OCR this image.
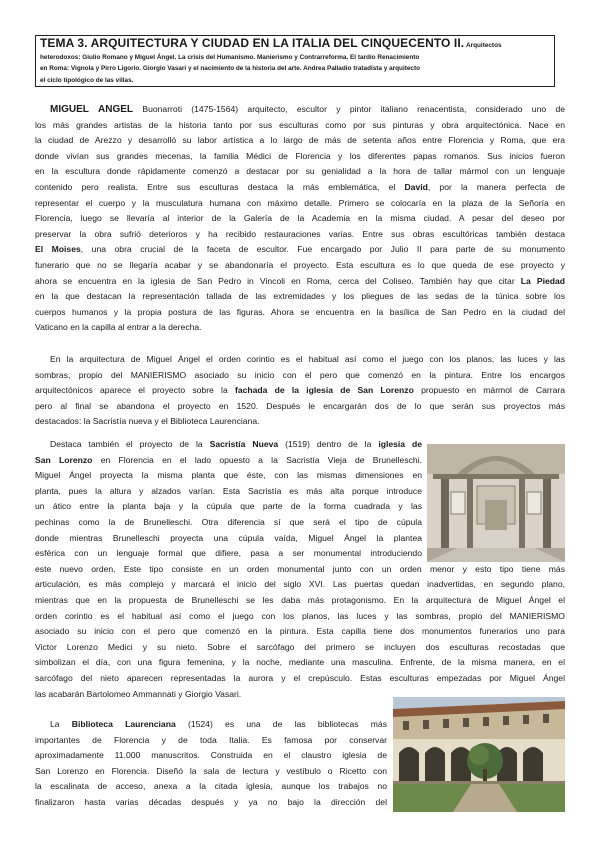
TEMA 3. ARQUITECTURA Y CIUDAD EN LA ITALIA DEL CINQUECENTO II. Arquitectos
heterodoxos: Giulio Romano y Miguel Ángel. La crisis del Humanismo. Manierismo y Contrarreforma. El tardío Renacimiento
en Roma: Vignola y Pirro Ligorio. Giorgio Vasari y el nacimiento de la historia del arte. Andrea Palladio tratadista y arquitecto
el ciclo tipológico de las villas.
MIGUEL ANGEL Buonarroti (1475-1564) arquitecto, escultor y pintor italiano renacentista, considerado uno de
los más grandes artistas de la historia tanto por sus esculturas como por sus pinturas y obra arquitectónica. Nace en
la ciudad de Arezzo y desarrolló su labor artística a lo largo de más de setenta años entre Florencia y Roma, que era
donde vivían sus grandes mecenas, la familia Médici de Florencia y los diferentes papas romanos. Sus inicios fueron
en la escultura donde rápidamente comenzó a destacar por su genialidad a la hora de tallar mármol con un lenguaje
contenido pero realista. Entre sus esculturas destaca la más emblemática, el David, por la manera perfecta de
representar el cuerpo y la musculatura humana con máximo detalle. Primero se colocaría en la plaza de la Señoría en
Florencia, luego se llevaría al interior de la Galería de la Academia en la misma ciudad. A pesar del deseo por
preservar la obra sufrió deterioros y ha recibido restauraciones varias. Entre sus obras escultóricas también destaca
El Moises, una obra crucial de la faceta de escultor. Fue encargado por Julio II para parte de su monumento
funerario que no se llegaría acabar y se abandonaría el proyecto. Esta escultura es lo que queda de ese proyecto y
ahora se encuentra en la iglesia de San Pedro in Vincoli en Roma, cerca del Coliseo. También hay que citar La Piedad
en la que destacan la representación tallada de las extremidades y los pliegues de las sedas de la túnica sobre los
cuerpos humanos y la propia postura de las figuras. Ahora se encuentra en la basílica de San Pedro en la ciudad del
Vaticano en la capilla al entrar a la derecha.
En la arquitectura de Miguel Ángel el orden corintio es el habitual así como el juego con los planos, las luces y las
sombras, propio del MANIERISMO asociado su inicio con el pero que comenzó en la pintura. Entre los encargos
arquitectónicos aparece el proyecto sobre la fachada de la iglesia de San Lorenzo propuesto en mármol de Carrara
pero al final se abandona el proyecto en 1520. Después le encargarán dos de lo que serán sus proyectos más
destacados: la Sacristía nueva y el Biblioteca Laurenciana.
Destaca también el proyecto de la Sacristía Nueva (1519) dentro de la iglesia de
San Lorenzo en Florencia en el lado opuesto a la Sacristía Vieja de Brunelleschi.
Miguel Ángel proyecta la misma planta que éste, con las mismas dimensiones en
planta, pues la altura y alzados varían. Esta Sacristía es más alta porque introduce
un ático entre la planta baja y la cúpula que parte de la forma cuadrada y las
pechinas como la de Brunelleschi. Otra diferencia sí que será el tipo de cúpula
donde mientras Brunelleschi proyecta una cúpula vaída, Miguel Ángel la plantea
esférica con un lenguaje formal que difiere, pasa a ser monumental introduciendo
este nuevo orden. Este tipo consiste en un orden monumental junto con un orden menor y esto tipo tiene más
articulación, es más complejo y marcará el inicio del siglo XVI. Las puertas quedan inadvertidas, en segundo plano,
mientras que en la propuesta de Brunelleschi se les daba más protagonismo. En la arquitectura de Miguel Ángel el
orden corintio es el habitual así como el juego con los planos, las luces y las sombras, propio del MANIERISMO
asociado su inicio con el pero que comenzó en la pintura. Esta capilla tiene dos monumentos funerarios uno para
Victor Lorenzo Medici y su nieto. Sobre el sarcófago del primero se incluyen dos esculturas recostadas que
simbolizan el día, con una figura femenina, y la noche, mediante una masculina. Enfrente, de la misma manera, en el
sarcófago del nieto aparecen representadas la aurora y el crepúsculo. Estas esculturas empezadas por Miguel Ángel
las acabarán Bartolomeo Ammannati y Giorgio Vasari.
La Biblioteca Laurenciana (1524) es una de las bibliotecas más
importantes de Florencia y de toda Italia. Es famosa por conservar
aproximadamente 11.000 manuscritos. Construida en el claustro iglesia de
San Lorenzo en Florencia. Diseñó la sala de lectura y vestíbulo o Ricetto con
la escalinata de acceso, anexa a la citada iglesia, aunque los trabajos no
finalizaron hasta varias décadas después y ya no bajo la dirección del
